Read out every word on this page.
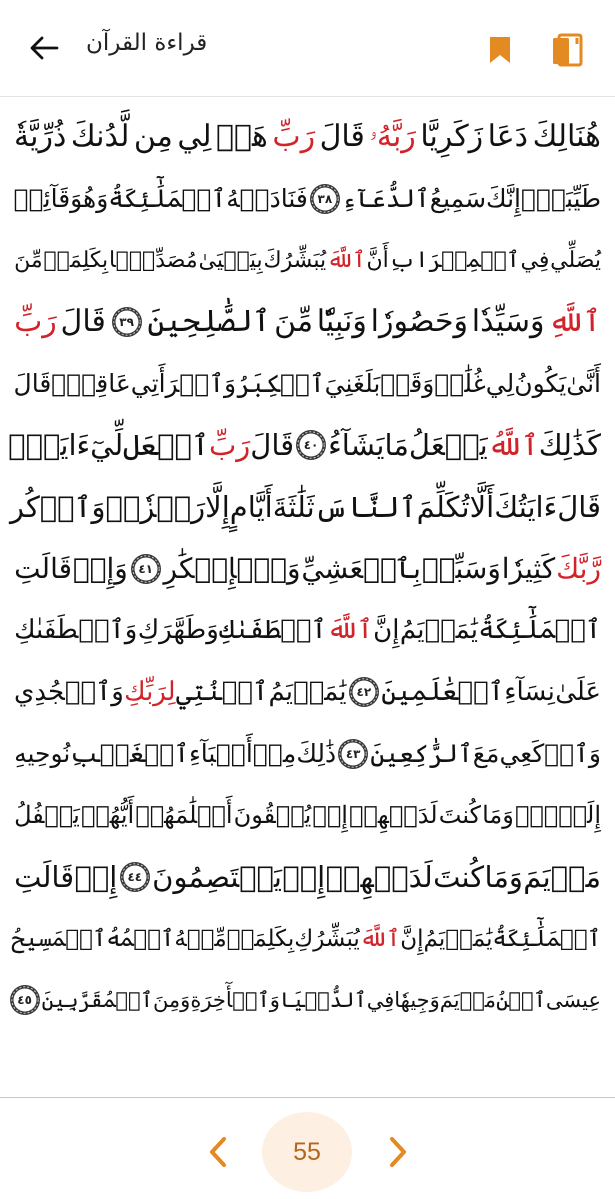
قراءة القرآن
هُنَالِكَ
دَعَا
زَكَرِيَّا
رَبَّهُۥ
قَالَ
رَبِّ
هَبۡ
لِي
مِن
لَّدُنكَ
ذُرِّيَّةٗ
طَيِّبَةًۖ
إِنَّكَ
سَمِيعُ
ٱلدُّعَآءِ
٣٨
فَنَادَتۡهُ
ٱلۡمَلَٰٓئِكَةُ
وَهُوَ
قَآئِمٞ
يُصَلِّي
فِي
ٱلۡمِحۡرَابِ
أَنَّ
ٱللَّهَ
يُبَشِّرُكَ
بِيَحۡيَىٰ
مُصَدِّقَۢا
بِكَلِمَةٖ
مِّنَ
ٱللَّهِ
وَسَيِّدٗا
وَحَصُورٗا
وَنَبِيّٗا
مِّنَ
ٱلصَّٰلِحِينَ
٣٩
قَالَ
رَبِّ
أَنَّىٰ
يَكُونُ
لِي
غُلَٰمٞ
وَقَدۡ
بَلَغَنِيَ
ٱلۡكِبَرُ
وَٱمۡرَأَتِي
عَاقِرٞۖ
قَالَ
كَذَٰلِكَ
ٱللَّهُ
يَفۡعَلُ
مَا
يَشَآءُ
٤٠
قَالَ
رَبِّ
ٱجۡعَل
لِّيٓ
ءَايَةٗۖ
قَالَ
ءَايَتُكَ
أَلَّا
تُكَلِّمَ
ٱلنَّاسَ
ثَلَٰثَةَ
أَيَّامٍ
إِلَّا
رَمۡزٗاۗ
وَٱذۡكُر
رَّبَّكَ
كَثِيرٗا
وَسَبِّحۡ
بِٱلۡعَشِيِّ
وَٱلۡإِبۡكَٰرِ
٤١
وَإِذۡ
قَالَتِ
ٱلۡمَلَٰٓئِكَةُ
يَٰمَرۡيَمُ
إِنَّ
ٱللَّهَ
ٱصۡطَفَىٰكِ
وَطَهَّرَكِ
وَٱصۡطَفَىٰكِ
عَلَىٰ
نِسَآءِ
ٱلۡعَٰلَمِينَ
٤٢
يَٰمَرۡيَمُ
ٱقۡنُتِي
لِرَبِّكِ
وَٱسۡجُدِي
وَٱرۡكَعِي
مَعَ
ٱلرَّٰكِعِينَ
٤٣
ذَٰلِكَ
مِنۡ
أَنۢبَآءِ
ٱلۡغَيۡبِ
نُوحِيهِ
إِلَيۡكَۚ
وَمَا
كُنتَ
لَدَيۡهِمۡ
إِذۡ
يُلۡقُونَ
أَقۡلَٰمَهُمۡ
أَيُّهُمۡ
يَكۡفُلُ
مَرۡيَمَ
وَمَا
كُنتَ
لَدَيۡهِمۡ
إِذۡ
يَخۡتَصِمُونَ
٤٤
إِذۡ
قَالَتِ
ٱلۡمَلَٰٓئِكَةُ
يَٰمَرۡيَمُ
إِنَّ
ٱللَّهَ
يُبَشِّرُكِ
بِكَلِمَةٖ
مِّنۡهُ
ٱسۡمُهُ
ٱلۡمَسِيحُ
عِيسَى
ٱبۡنُ
مَرۡيَمَ
وَجِيهٗا
فِي
ٱلدُّنۡيَا
وَٱلۡأٓخِرَةِ
وَمِنَ
ٱلۡمُقَرَّبِينَ
٤٥
55
